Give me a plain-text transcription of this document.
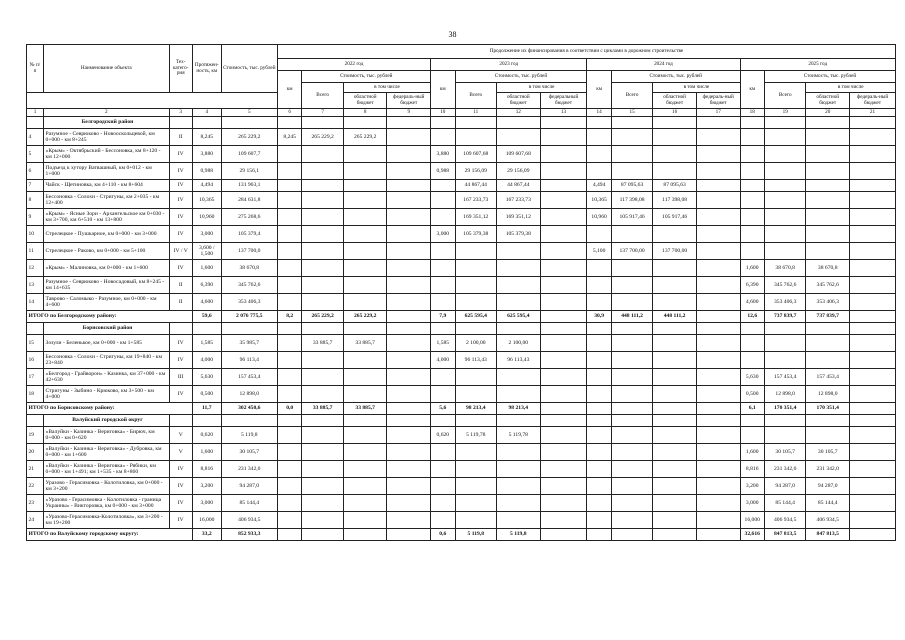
38
№ п/п	Наименование объекта	Тех-катего-рия	Протяжен-ность, км	Стоимость, тыс. рублей	Продолжение их финансирования в соответствии с циклами в дорожном строительстве															
					2022 год				2023 год				2024 год				2025 год			
					км	Стоимость, тыс. рублей			км	Стоимость, тыс. рублей			км	Стоимость, тыс. рублей			км	Стоимость, тыс. рублей		
						Всего	в том числе			Всего	в том числе			Всего	в том числе			Всего	в том числе	
							областной бюджет	федераль-ный бюджет			областной бюджет	федеральный бюджет			областной бюджет	федераль-ный бюджет			областной бюджет	федераль-ный бюджет
1	2	3	4	5	6	7	8	9	10	11	12	13	14	15	16	17	18	19	20	21
	Белгородский район																			
4	Разумное - Севрюково - Новооскольцевой, км 0+000 - км 8+245	II	8,245	265 229,2	8,245	265 229,2	265 229,2													
5	«Крым» - Октябрьский - Бессоновка, км 8+120 - км 12+000	IV	3,880	109 607,7					3,880	109 607,68	109 607,68									
6	Подъезд к хутору Ватвашный, км 0+012 - км 1+000	IV	0,988	29 156,1					0,988	29 156,09	29 156,09									
7	Чайск - Щетиновка, км 4+110 - км 8+604	IV	4,494	131 963,1						44 867,44	44 867,44		4,494	87 095,63	87 095,63					
8	Бессоновка - Солохи - Стригуны, км 2+035 - км 12+400	IV	10,365	284 631,8						167 233,73	167 233,73		10,365	117 398,08	117 398,08					
9	«Крым» - Ясные Зори - Архангельское км 0+030 - км 3+700, км 6+510 - км 13+800	IV	10,960	275 268,6						169 351,12	169 351,12		10,960	105 917,46	105 917,46					
10	Стрелецкое - Пушкарное, км 0+000 - км 3+000	IV	3,000	105 379,4					3,000	105 379,38	105 379,38									
11	Стрелецкое - Раково, км 0+000 - км 5+100	IV / V	3,600 / 1,500	137 700,0									5,100	137 700,00	137 700,00					
12	«Крым» - Малиновка, км 0+000 - км 1+600	IV	1,600	38 670,8													1,600	38 670,8	38 670,8	
13	Разумное - Севрюково - Новосадовый, км 8+245 - км 14+635	II	6,390	345 762,6													6,390	345 762,6	345 762,6	
14	Таврово - Саломыко - Разумное, км 0+000 - км 4+600	II	4,600	353 406,3													4,600	353 406,3	353 406,3	
ИТОГО по Белгородскому району:			59,6	2 076 775,5	8,2	265 229,2	265 229,2		7,9	625 595,4	625 595,4		30,9	448 111,2	448 111,2		12,6	737 839,7	737 839,7	
	Борисовский район																			
15	Зозули - Беленькое, км 0+000 - км 1+585	IV	1,585	35 985,7		33 885,7	33 885,7		1,585	2 100,00	2 100,00									
16	Бессоновка - Солохи - Стригуны, км 19+840 - км 23+840	IV	4,000	96 113,4					4,000	96 113,43	96 113,43									
17	«Белгород - Грайворон» - Казинка, км 37+000 - км 42+630	III	5,630	157 453,4													5,630	157 453,4	157 453,4	
18	Стригуны - Зыбино - Крюково, км 3+500 - км 4+000	IV	0,500	12 898,0													0,500	12 898,0	12 898,0	
ИТОГО по Борисовскому району:			11,7	302 450,6	0,0	33 885,7	33 885,7		5,6	98 213,4	98 213,4						6,1	170 351,4	170 351,4	
	Валуйский городской округ																			
19	«Валуйки - Казинка - Вериговка» - Бирюч, км 0+000 - км 0+620	V	0,620	5 119,8					0,620	5 119,78	5 119,78									
20	«Валуйки - Казинка - Вериговка» - Дубровка, км 0+000 - км 1+600	V	1,600	30 105,7													1,600	30 105,7	30 105,7	
21	«Валуйки - Казинка - Вериговка» - Рябики, км 0+000 - км 1+491; км 1+535 - км 8+860	IV	8,816	231 342,0													8,816	231 342,0	231 342,0	
22	Уразово - Герасимовка - Колотиловка, км 0+000 - км 3+200	IV	3,200	94 287,0													3,200	94 287,0	94 287,0	
23	«Уразово - Герасимовка - Колотиловка - граница Украины» - Викторовка, км 0+000 - км 3+000	IV	3,000	85 144,4													3,000	85 144,4	85 144,4	
24	«Уразово-Герасимовка-Колотиловка», км 3+200 - км 19+200	IV	16,000	406 934,5													16,000	406 934,5	406 934,5	
ИТОГО по Валуйскому городскому округу:			33,2	852 933,3					0,6	5 119,8	5 119,8						32,616	847 813,5	847 813,5	
